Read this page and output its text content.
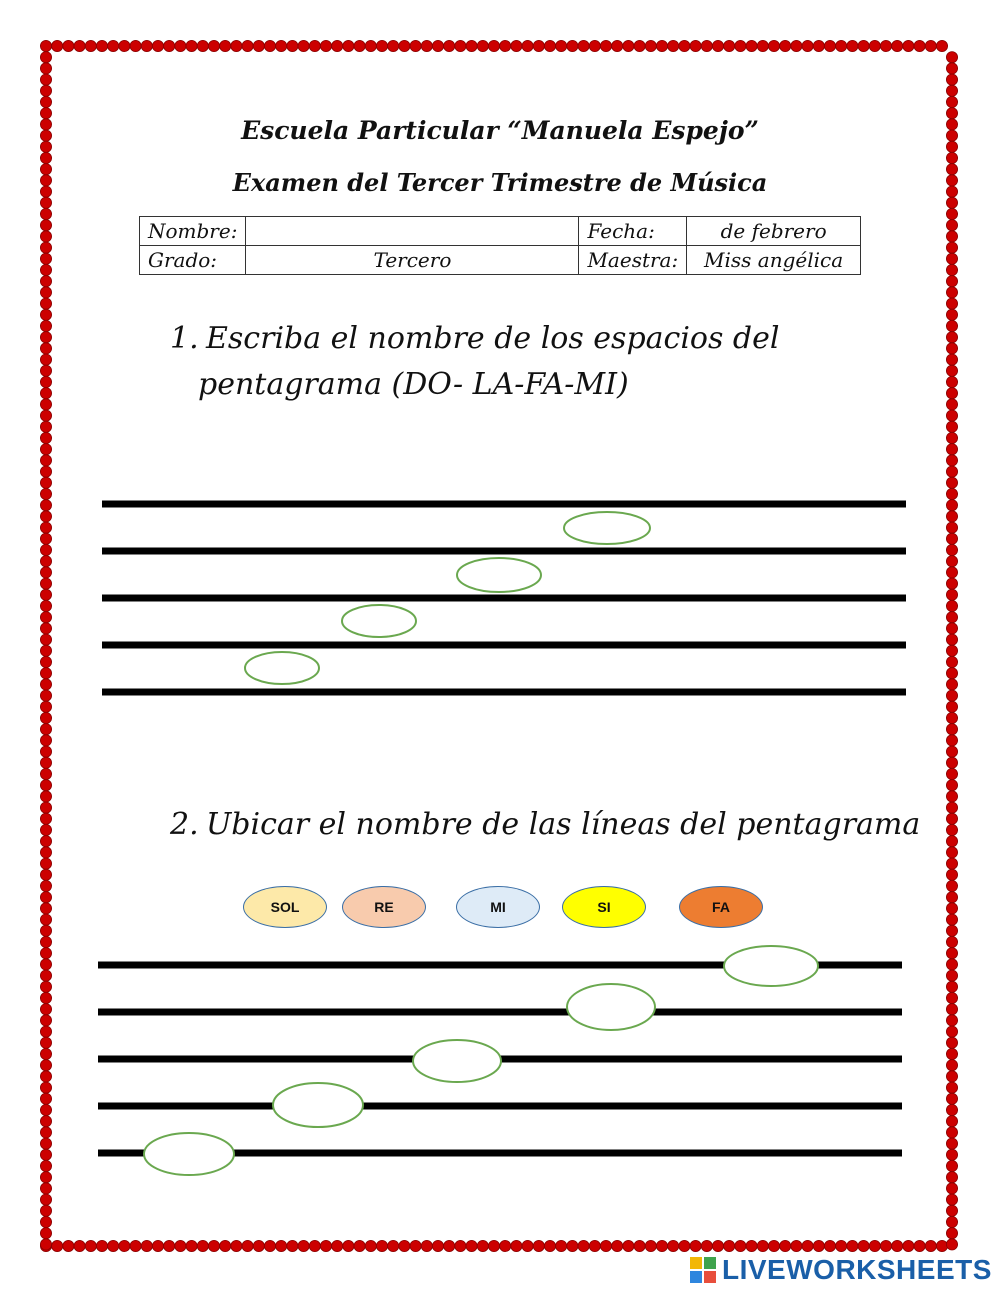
Escuela Particular “Manuela Espejo”
Examen del Tercer Trimestre de Música
Nombre:		Fecha:	de febrero
Grado:	Tercero	Maestra:	Miss angélica
1. Escriba el nombre de los espacios del
pentagrama (DO- LA-FA-MI)
2. Ubicar el nombre de las líneas del pentagrama
SOL	RE	MI	SI	FA
LIVEWORKSHEETS
